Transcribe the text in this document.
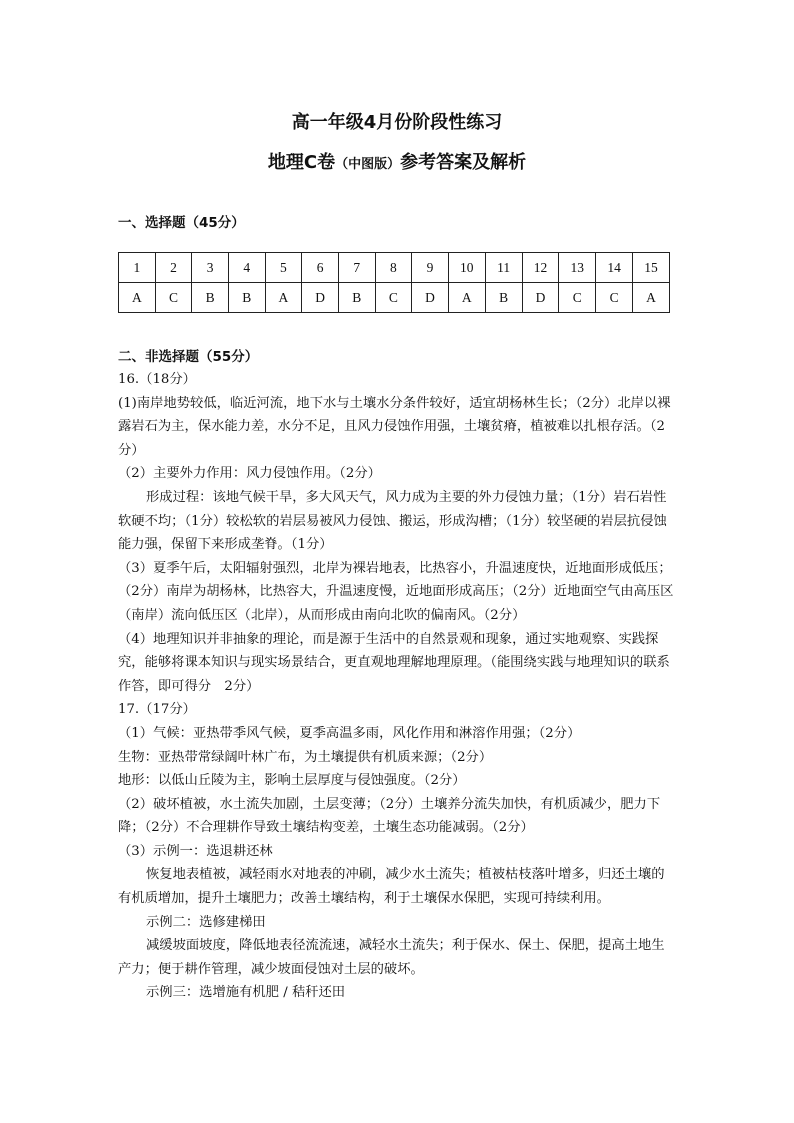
高一年级4月份阶段性练习
地理C卷（中图版）参考答案及解析
一、选择题（45分）
1	2	3	4	5	6	7	8	9	10	11	12	13	14	15
A	C	B	B	A	D	B	C	D	A	B	D	C	C	A
二、非选择题（55分）

16.（18分）

(1)南岸地势较低，临近河流，地下水与土壤水分条件较好，适宜胡杨林生长；（2分）北岸以裸露岩石为主，保水能力差，水分不足，且风力侵蚀作用强，土壤贫瘠，植被难以扎根存活。（2分）

（2）主要外力作用：风力侵蚀作用。（2分）

形成过程：该地气候干旱，多大风天气，风力成为主要的外力侵蚀力量；（1分）岩石岩性软硬不均；（1分）较松软的岩层易被风力侵蚀、搬运，形成沟槽；（1分）较坚硬的岩层抗侵蚀能力强，保留下来形成垄脊。（1分）

（3）夏季午后，太阳辐射强烈，北岸为裸岩地表，比热容小，升温速度快，近地面形成低压；（2分）南岸为胡杨林，比热容大，升温速度慢，近地面形成高压；（2分）近地面空气由高压区（南岸）流向低压区（北岸），从而形成由南向北吹的偏南风。（2分）

（4）地理知识并非抽象的理论，而是源于生活中的自然景观和现象，通过实地观察、实践探究，能够将课本知识与现实场景结合，更直观地理解地理原理。（能围绕实践与地理知识的联系作答，即可得分　2分）

17.（17分）

（1）气候：亚热带季风气候，夏季高温多雨，风化作用和淋溶作用强；（2分）

生物：亚热带常绿阔叶林广布，为土壤提供有机质来源；（2分）

地形：以低山丘陵为主，影响土层厚度与侵蚀强度。（2分）

（2）破坏植被，水土流失加剧，土层变薄；（2分）土壤养分流失加快，有机质减少，肥力下降；（2分）不合理耕作导致土壤结构变差，土壤生态功能减弱。（2分）

（3）示例一：选退耕还林

恢复地表植被，减轻雨水对地表的冲刷，减少水土流失；植被枯枝落叶增多，归还土壤的有机质增加，提升土壤肥力；改善土壤结构，利于土壤保水保肥，实现可持续利用。

示例二：选修建梯田

减缓坡面坡度，降低地表径流流速，减轻水土流失；利于保水、保土、保肥，提高土地生产力；便于耕作管理，减少坡面侵蚀对土层的破坏。

示例三：选增施有机肥 / 秸秆还田
